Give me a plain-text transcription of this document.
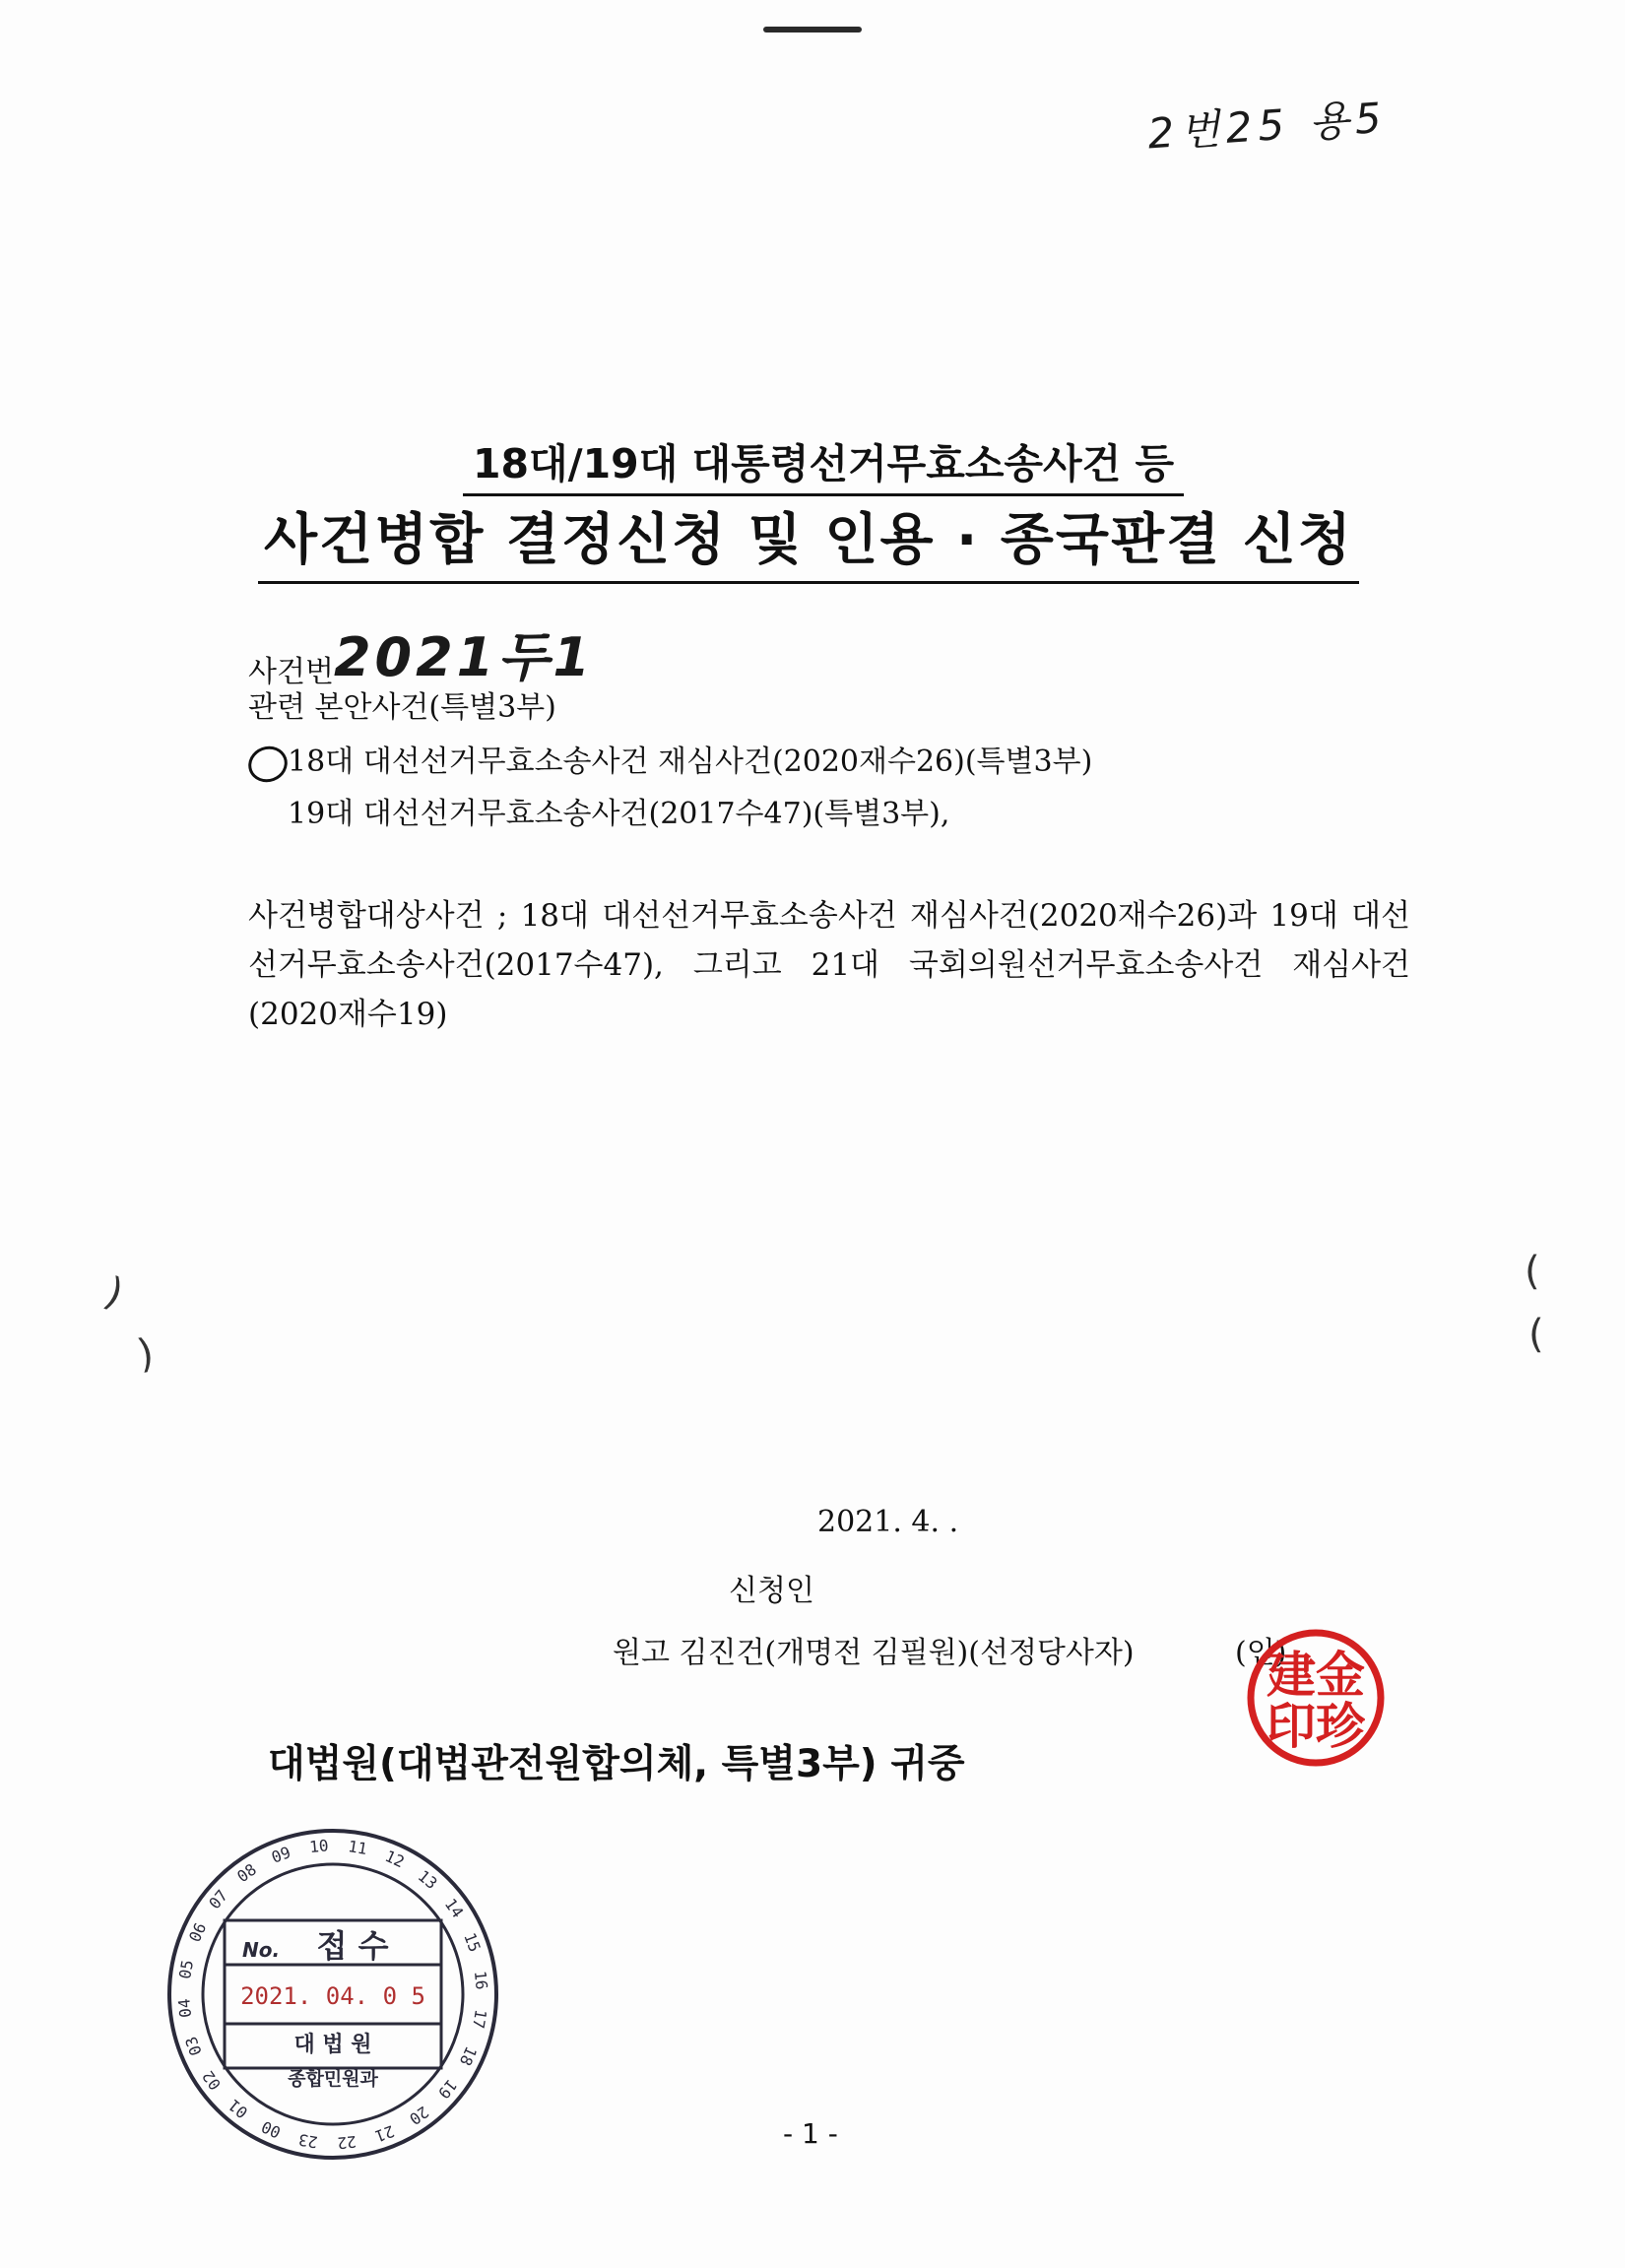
2번25 용5
18대/19대 대통령선거무효소송사건 등
사건병합 결정신청 및 인용 · 종국판결 신청
사건번2021두1
관련 본안사건(특별3부)
18대 대선선거무효소송사건 재심사건(2020재수26)(특별3부)
19대 대선선거무효소송사건(2017수47)(특별3부),
사건병합대상사건 ; 18대 대선선거무효소송사건 재심사건(2020재수26)과 19대 대선선거무효소송사건(2017수47), 그리고 21대 국회의원선거무효소송사건 재심사건(2020재수19)
)
)
(
(
2021. 4. .
신청인
원고 김진건(개명전 김필원)(선정당사자)	(인)
建金
印珍
대법원(대법관전원합의체, 특별3부) 귀중
01
02
03
04
05
06
07
08
09 10 11 12
13
14
15
16
17
18
19
20
21
22
23
00
No. 접 수
2021. 04. 0 5
대 법 원
종합민원과
- 1 -
